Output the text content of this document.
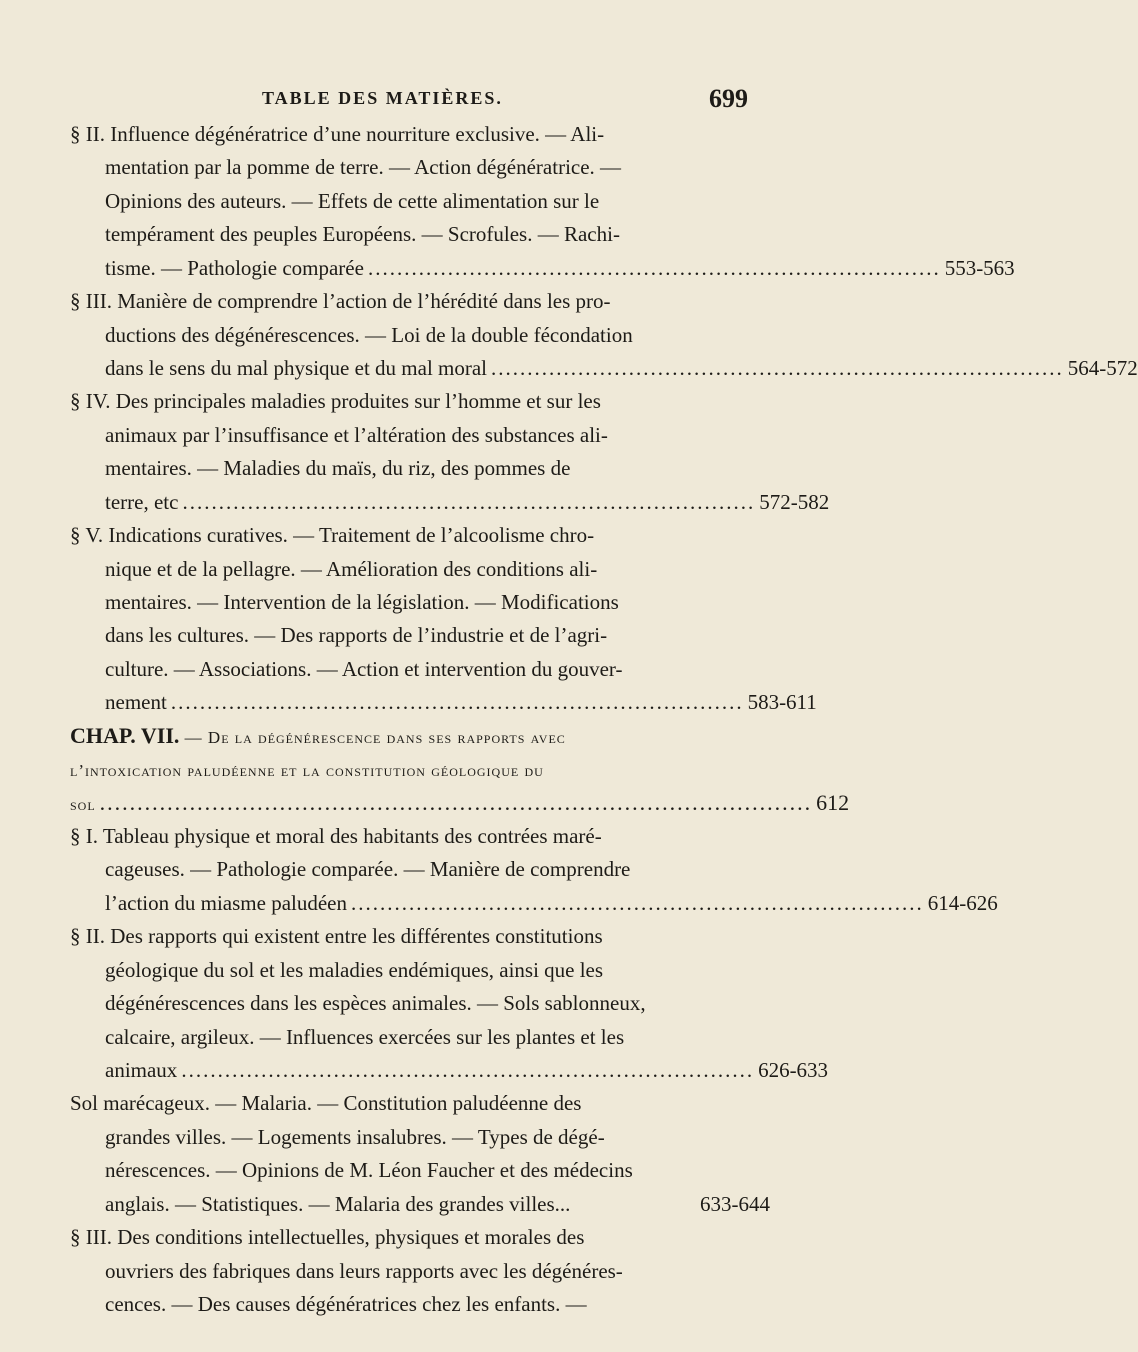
TABLE DES MATIÈRES.	699
§ II. Influence dégénératrice d’une nourriture exclusive. — Ali-
mentation par la pomme de terre. — Action dégénératrice. —
Opinions des auteurs. — Effets de cette alimentation sur le
tempérament des peuples Européens. — Scrofules. — Rachi-
tisme. — Pathologie comparée ............................................................................... 553-563
§ III. Manière de comprendre l’action de l’hérédité dans les pro-
ductions des dégénérescences. — Loi de la double fécondation
dans le sens du mal physique et du mal moral ............................................................................... 564-572
§ IV. Des principales maladies produites sur l’homme et sur les
animaux par l’insuffisance et l’altération des substances ali-
mentaires. — Maladies du maïs, du riz, des pommes de
terre, etc ............................................................................... 572-582
§ V. Indications curatives. — Traitement de l’alcoolisme chro-
nique et de la pellagre. — Amélioration des conditions ali-
mentaires. — Intervention de la législation. — Modifications
dans les cultures. — Des rapports de l’industrie et de l’agri-
culture. — Associations. — Action et intervention du gouver-
nement ............................................................................... 583-611
CHAP. VII. — De la dégénérescence dans ses rapports avec
l’intoxication paludéenne et la constitution géologique du
sol ............................................................................................... 612
§ I. Tableau physique et moral des habitants des contrées maré-
cageuses. — Pathologie comparée. — Manière de comprendre
l’action du miasme paludéen ............................................................................... 614-626
§ II. Des rapports qui existent entre les différentes constitutions
géologique du sol et les maladies endémiques, ainsi que les
dégénérescences dans les espèces animales. — Sols sablonneux,
calcaire, argileux. — Influences exercées sur les plantes et les
animaux ............................................................................... 626-633
Sol marécageux. — Malaria. — Constitution paludéenne des
grandes villes. — Logements insalubres. — Types de dégé-
nérescences. — Opinions de M. Léon Faucher et des médecins
anglais. — Statistiques. — Malaria des grandes villes...	633-644
§ III. Des conditions intellectuelles, physiques et morales des
ouvriers des fabriques dans leurs rapports avec les dégénéres-
cences. — Des causes dégénératrices chez les enfants. —
